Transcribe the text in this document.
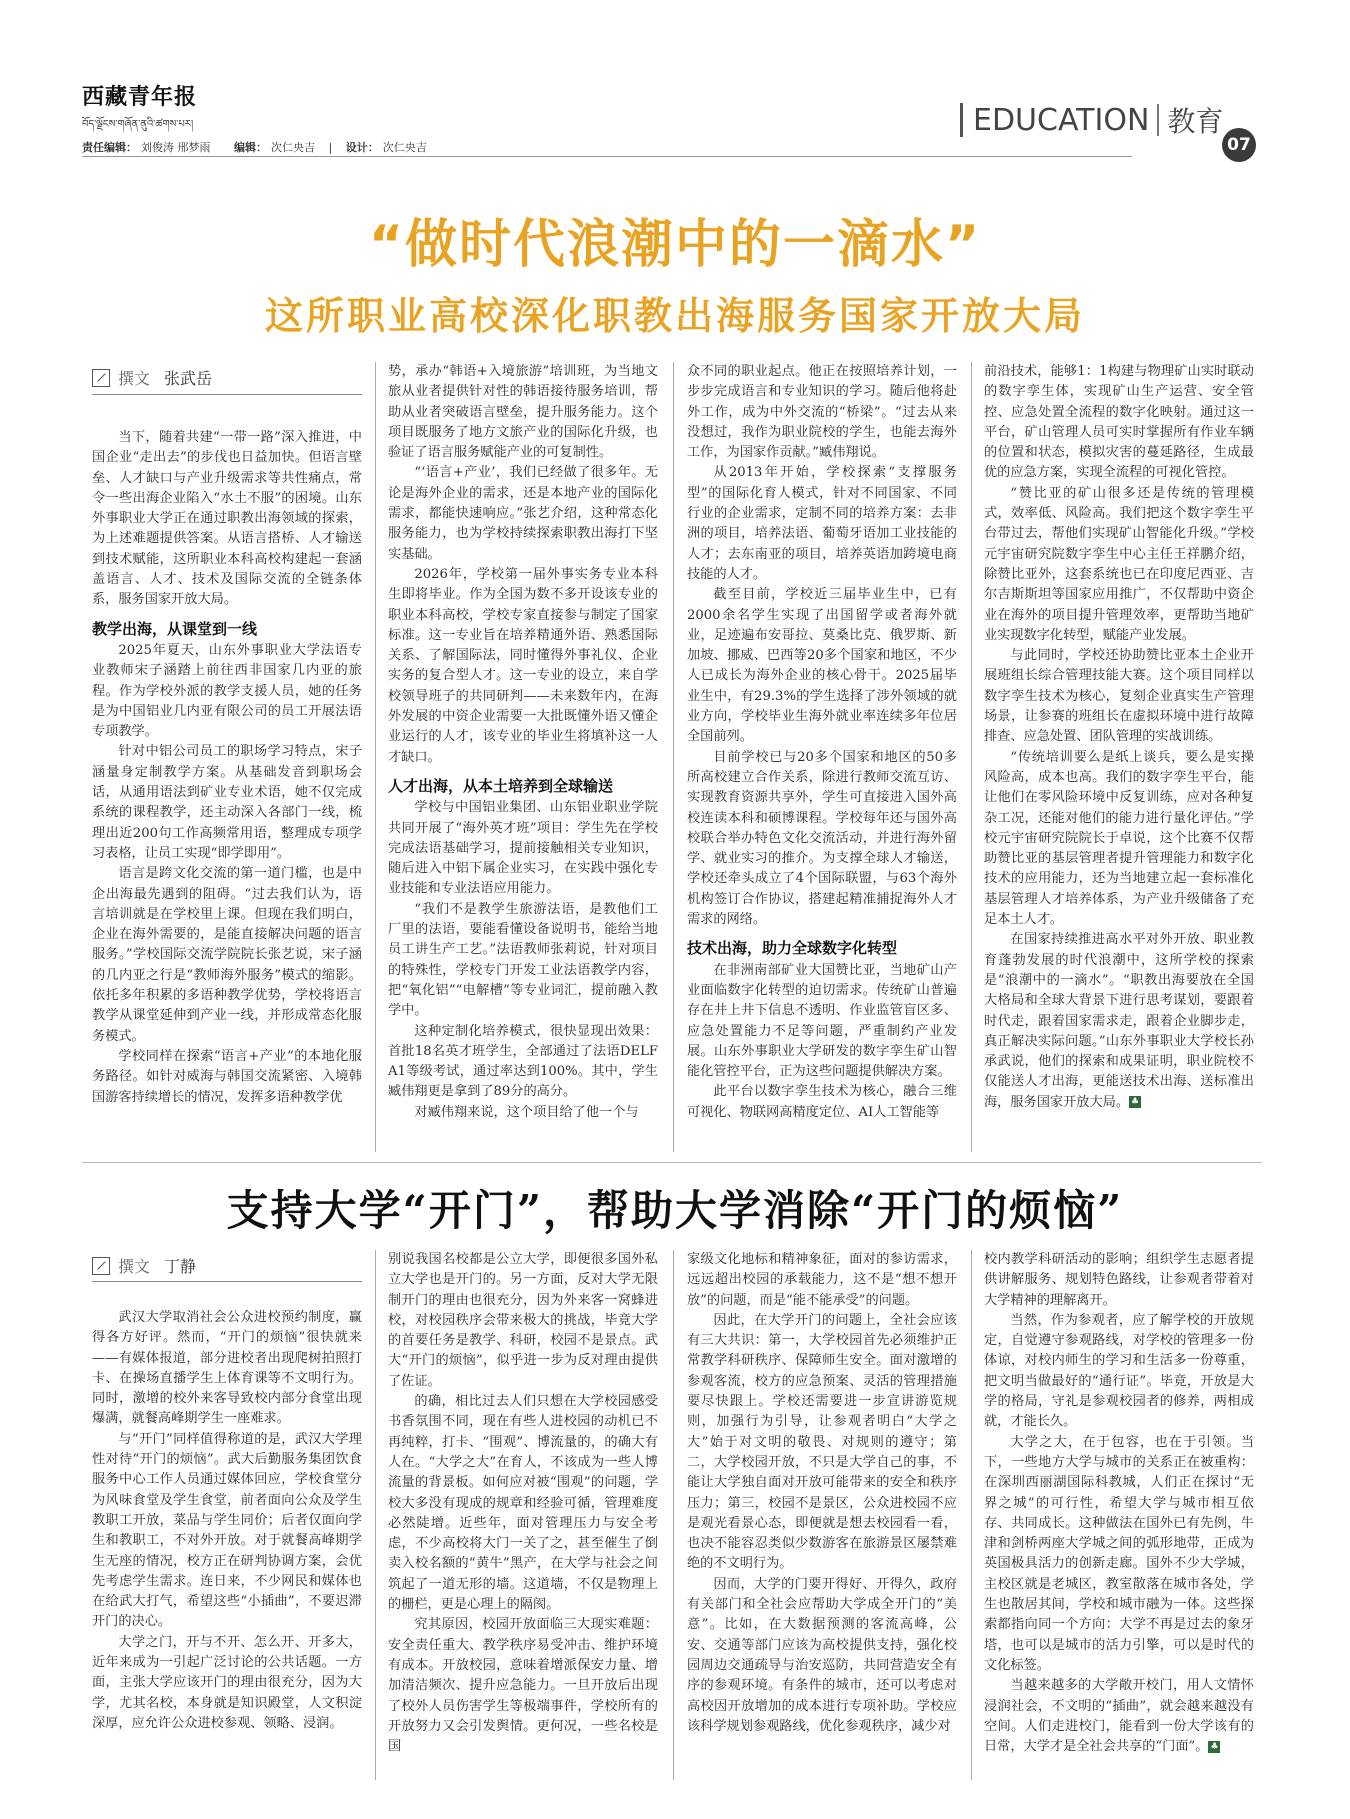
西藏青年报
བོད་ལྗོངས་གཞོན་ནུའི་ཚགས་པར།
责任编辑： 刘俊涛 邢梦雨 编辑： 次仁央吉 | 设计： 次仁央吉
EDUCATION 教育
07
“做时代浪潮中的一滴水”
这所职业高校深化职教出海服务国家开放大局
撰文 张武岳

当下，随着共建“一带一路”深入推进，中国企业“走出去”的步伐也日益加快。但语言壁垒、人才缺口与产业升级需求等共性痛点，常令一些出海企业陷入“水土不服”的困境。山东外事职业大学正在通过职教出海领域的探索，为上述难题提供答案。从语言搭桥、人才输送到技术赋能，这所职业本科高校构建起一套涵盖语言、人才、技术及国际交流的全链条体系，服务国家开放大局。

教学出海，从课堂到一线

2025年夏天，山东外事职业大学法语专业教师宋子涵踏上前往西非国家几内亚的旅程。作为学校外派的教学支援人员，她的任务是为中国铝业几内亚有限公司的员工开展法语专项教学。

针对中铝公司员工的职场学习特点，宋子涵量身定制教学方案。从基础发音到职场会话，从通用语法到矿业专业术语，她不仅完成系统的课程教学，还主动深入各部门一线，梳理出近200句工作高频常用语，整理成专项学习表格，让员工实现“即学即用”。

语言是跨文化交流的第一道门槛，也是中企出海最先遇到的阻碍。“过去我们认为，语言培训就是在学校里上课。但现在我们明白，企业在海外需要的，是能直接解决问题的语言服务。”学校国际交流学院院长张艺说，宋子涵的几内亚之行是“教师海外服务”模式的缩影。依托多年积累的多语种教学优势，学校将语言教学从课堂延伸到产业一线，并形成常态化服务模式。

学校同样在探索“语言+产业”的本地化服务路径。如针对威海与韩国交流紧密、入境韩国游客持续增长的情况，发挥多语种教学优

势，承办“韩语+入境旅游”培训班，为当地文旅从业者提供针对性的韩语接待服务培训，帮助从业者突破语言壁垒，提升服务能力。这个项目既服务了地方文旅产业的国际化升级，也验证了语言服务赋能产业的可复制性。

“‘语言+产业’，我们已经做了很多年。无论是海外企业的需求，还是本地产业的国际化需求，都能快速响应。”张艺介绍，这种常态化服务能力，也为学校持续探索职教出海打下坚实基础。

2026年，学校第一届外事实务专业本科生即将毕业。作为全国为数不多开设该专业的职业本科高校，学校专家直接参与制定了国家标准。这一专业旨在培养精通外语、熟悉国际关系、了解国际法，同时懂得外事礼仪、企业实务的复合型人才。这一专业的设立，来自学校领导班子的共同研判——未来数年内，在海外发展的中资企业需要一大批既懂外语又懂企业运行的人才，该专业的毕业生将填补这一人才缺口。

人才出海，从本土培养到全球输送

学校与中国铝业集团、山东铝业职业学院共同开展了“海外英才班”项目：学生先在学校完成法语基础学习，提前接触相关专业知识，随后进入中铝下属企业实习，在实践中强化专业技能和专业法语应用能力。

“我们不是教学生旅游法语，是教他们工厂里的法语，要能看懂设备说明书，能给当地员工讲生产工艺。”法语教师张莉说，针对项目的特殊性，学校专门开发工业法语教学内容，把“氧化铝”“电解槽”等专业词汇，提前融入教学中。

这种定制化培养模式，很快显现出效果：首批18名英才班学生，全部通过了法语DELF A1等级考试，通过率达到100%。其中，学生臧伟翔更是拿到了89分的高分。

对臧伟翔来说，这个项目给了他一个与

众不同的职业起点。他正在按照培养计划，一步步完成语言和专业知识的学习。随后他将赴外工作，成为中外交流的“桥梁”。“过去从来没想过，我作为职业院校的学生，也能去海外工作，为国家作贡献。”臧伟翔说。

从2013年开始，学校探索“支撑服务型”的国际化育人模式，针对不同国家、不同行业的企业需求，定制不同的培养方案：去非洲的项目，培养法语、葡萄牙语加工业技能的人才；去东南亚的项目，培养英语加跨境电商技能的人才。

截至目前，学校近三届毕业生中，已有2000余名学生实现了出国留学或者海外就业，足迹遍布安哥拉、莫桑比克、俄罗斯、新加坡、挪威、巴西等20多个国家和地区，不少人已成长为海外企业的核心骨干。2025届毕业生中，有29.3%的学生选择了涉外领域的就业方向，学校毕业生海外就业率连续多年位居全国前列。

目前学校已与20多个国家和地区的50多所高校建立合作关系，除进行教师交流互访、实现教育资源共享外，学生可直接进入国外高校连读本科和硕博课程。学校每年还与国外高校联合举办特色文化交流活动，并进行海外留学、就业实习的推介。为支撑全球人才输送，学校还牵头成立了4个国际联盟，与63个海外机构签订合作协议，搭建起精准捕捉海外人才需求的网络。

技术出海，助力全球数字化转型

在非洲南部矿业大国赞比亚，当地矿山产业面临数字化转型的迫切需求。传统矿山普遍存在井上井下信息不透明、作业监管盲区多、应急处置能力不足等问题，严重制约产业发展。山东外事职业大学研发的数字孪生矿山智能化管控平台，正为这些问题提供解决方案。

此平台以数字孪生技术为核心，融合三维可视化、物联网高精度定位、AI人工智能等

前沿技术，能够1：1构建与物理矿山实时联动的数字孪生体，实现矿山生产运营、安全管控、应急处置全流程的数字化映射。通过这一平台，矿山管理人员可实时掌握所有作业车辆的位置和状态，模拟灾害的蔓延路径，生成最优的应急方案，实现全流程的可视化管控。

“赞比亚的矿山很多还是传统的管理模式，效率低、风险高。我们把这个数字孪生平台带过去，帮他们实现矿山智能化升级。”学校元宇宙研究院数字孪生中心主任王祥鹏介绍，除赞比亚外，这套系统也已在印度尼西亚、吉尔吉斯斯坦等国家应用推广，不仅帮助中资企业在海外的项目提升管理效率，更帮助当地矿业实现数字化转型，赋能产业发展。

与此同时，学校还协助赞比亚本土企业开展班组长综合管理技能大赛。这个项目同样以数字孪生技术为核心，复刻企业真实生产管理场景，让参赛的班组长在虚拟环境中进行故障排查、应急处置、团队管理的实战训练。

“传统培训要么是纸上谈兵，要么是实操风险高，成本也高。我们的数字孪生平台，能让他们在零风险环境中反复训练，应对各种复杂工况，还能对他们的能力进行量化评估。”学校元宇宙研究院院长于卓说，这个比赛不仅帮助赞比亚的基层管理者提升管理能力和数字化技术的应用能力，还为当地建立起一套标准化基层管理人才培养体系，为产业升级储备了充足本土人才。

在国家持续推进高水平对外开放、职业教育蓬勃发展的时代浪潮中，这所学校的探索是“浪潮中的一滴水”。“职教出海要放在全国大格局和全球大背景下进行思考谋划，要跟着时代走，跟着国家需求走，跟着企业脚步走，真正解决实际问题。”山东外事职业大学校长孙承武说，他们的探索和成果证明，职业院校不仅能送人才出海，更能送技术出海、送标准出海，服务国家开放大局。 ♣

支持大学“开门”，帮助大学消除“开门的烦恼”
撰文 丁静

武汉大学取消社会公众进校预约制度，赢得各方好评。然而，“开门的烦恼”很快就来——有媒体报道，部分进校者出现爬树拍照打卡、在操场直播学生上体育课等不文明行为。同时，激增的校外来客导致校内部分食堂出现爆满，就餐高峰期学生一座难求。

与“开门”同样值得称道的是，武汉大学理性对待“开门的烦恼”。武大后勤服务集团饮食服务中心工作人员通过媒体回应，学校食堂分为风味食堂及学生食堂，前者面向公众及学生教职工开放，菜品与学生同价；后者仅面向学生和教职工，不对外开放。对于就餐高峰期学生无座的情况，校方正在研判协调方案，会优先考虑学生需求。连日来，不少网民和媒体也在给武大打气，希望这些“小插曲”，不要迟滞开门的决心。

大学之门，开与不开、怎么开、开多大，近年来成为一引起广泛讨论的公共话题。一方面，主张大学应该开门的理由很充分，因为大学，尤其名校，本身就是知识殿堂，人文积淀深厚，应允许公众进校参观、领略、浸润。

别说我国名校都是公立大学，即便很多国外私立大学也是开门的。另一方面，反对大学无限制开门的理由也很充分，因为外来客一窝蜂进校，对校园秩序会带来极大的挑战，毕竟大学的首要任务是教学、科研，校园不是景点。武大“开门的烦恼”，似乎进一步为反对理由提供了佐证。

的确，相比过去人们只想在大学校园感受书香氛围不同，现在有些人进校园的动机已不再纯粹，打卡、“围观”、博流量的，的确大有人在。“大学之大”在育人，不该成为一些人博流量的背景板。如何应对被“围观”的问题，学校大多没有现成的规章和经验可循，管理难度必然陡增。近些年，面对管理压力与安全考虑，不少高校将大门一关了之，甚至催生了倒卖入校名额的“黄牛”黑产，在大学与社会之间筑起了一道无形的墙。这道墙，不仅是物理上的栅栏，更是心理上的隔阂。

究其原因，校园开放面临三大现实难题：安全责任重大、教学秩序易受冲击、维护环境有成本。开放校园，意味着增派保安力量、增加清洁频次、提升应急能力。一旦开放后出现了校外人员伤害学生等极端事件，学校所有的开放努力又会引发舆情。更何况，一些名校是国

家级文化地标和精神象征，面对的参访需求，远远超出校园的承载能力，这不是“想不想开放”的问题，而是“能不能承受”的问题。

因此，在大学开门的问题上，全社会应该有三大共识：第一，大学校园首先必须维护正常教学科研秩序、保障师生安全。面对激增的参观客流，校方的应急预案、灵活的管理措施要尽快跟上。学校还需要进一步宣讲游览规则，加强行为引导，让参观者明白“大学之大”始于对文明的敬畏、对规则的遵守；第二，大学校园开放，不只是大学自己的事，不能让大学独自面对开放可能带来的安全和秩序压力；第三，校园不是景区，公众进校园不应是观光看景心态，即便就是想去校园看一看，也决不能容忍类似少数游客在旅游景区屡禁难绝的不文明行为。

因而，大学的门要开得好、开得久，政府有关部门和全社会应帮助大学成全开门的“美意”。比如，在大数据预测的客流高峰，公安、交通等部门应该为高校提供支持，强化校园周边交通疏导与治安巡防，共同营造安全有序的参观环境。有条件的城市，还可以考虑对高校因开放增加的成本进行专项补助。学校应该科学规划参观路线，优化参观秩序，减少对

校内教学科研活动的影响；组织学生志愿者提供讲解服务、规划特色路线，让参观者带着对大学精神的理解离开。

当然，作为参观者，应了解学校的开放规定，自觉遵守参观路线，对学校的管理多一份体谅，对校内师生的学习和生活多一份尊重，把文明当做最好的“通行证”。毕竟，开放是大学的格局，守礼是参观校园者的修养，两相成就，才能长久。

大学之大，在于包容，也在于引领。当下，一些地方大学与城市的关系正在被重构：在深圳西丽湖国际科教城，人们正在探讨“无界之城”的可行性，希望大学与城市相互依存、共同成长。这种做法在国外已有先例，牛津和剑桥两座大学城之间的弧形地带，正成为英国极具活力的创新走廊。国外不少大学城，主校区就是老城区，教室散落在城市各处，学生也散居其间，学校和城市融为一体。这些探索都指向同一个方向：大学不再是过去的象牙塔，也可以是城市的活力引擎，可以是时代的文化标签。

当越来越多的大学敞开校门，用人文情怀浸润社会，不文明的“插曲”，就会越来越没有空间。人们走进校门，能看到一份大学该有的日常，大学才是全社会共享的“门面”。 ♣
